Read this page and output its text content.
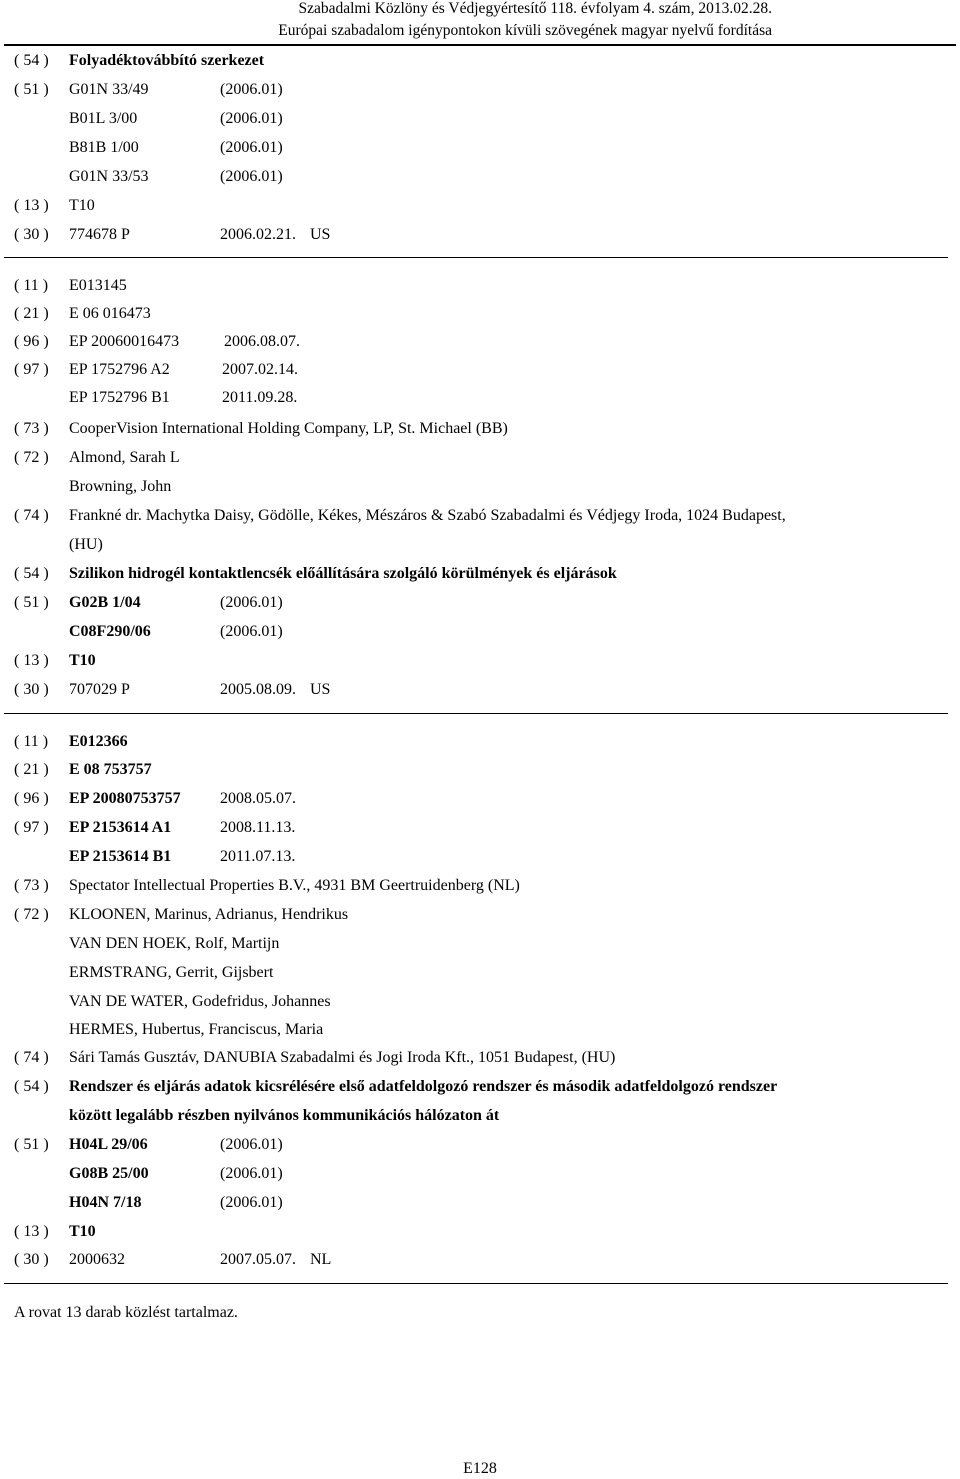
Szabadalmi Közlöny és Védjegyértesítő 118. évfolyam 4. szám, 2013.02.28.
Európai szabadalom igénypontokon kívüli szövegének magyar nyelvű fordítása
( 54 )	Folyadéktovábbító szerkezet
( 51 )	G01N 33/49	(2006.01)
B01L 3/00	(2006.01)
B81B 1/00	(2006.01)
G01N 33/53	(2006.01)
( 13 )	T10
( 30 )	774678 P	2006.02.21. US
( 11 )	E013145
( 21 )	E 06 016473
( 96 )	EP 20060016473	2006.08.07.
( 97 )	EP 1752796 A2	2007.02.14.
EP 1752796 B1	2011.09.28.
( 73 )	CooperVision International Holding Company, LP, St. Michael (BB)
( 72 )	Almond, Sarah L
Browning, John
( 74 )	Frankné dr. Machytka Daisy, Gödölle, Kékes, Mészáros & Szabó Szabadalmi és Védjegy Iroda, 1024 Budapest,
(HU)
( 54 )	Szilikon hidrogél kontaktlencsék előállítására szolgáló körülmények és eljárások
( 51 )	G02B 1/04	(2006.01)
C08F290/06	(2006.01)
( 13 )	T10
( 30 )	707029 P	2005.08.09. US
( 11 )	E012366
( 21 )	E 08 753757
( 96 )	EP 20080753757 2008.05.07.
( 97 )	EP 2153614 A1	2008.11.13.
EP 2153614 B1	2011.07.13.
( 73 )	Spectator Intellectual Properties B.V., 4931 BM Geertruidenberg (NL)
( 72 )	KLOONEN, Marinus, Adrianus, Hendrikus
VAN DEN HOEK, Rolf, Martijn
ERMSTRANG, Gerrit, Gijsbert
VAN DE WATER, Godefridus, Johannes
HERMES, Hubertus, Franciscus, Maria
( 74 )	Sári Tamás Gusztáv, DANUBIA Szabadalmi és Jogi Iroda Kft., 1051 Budapest, (HU)
( 54 )	Rendszer és eljárás adatok kicsrélésére első adatfeldolgozó rendszer és második adatfeldolgozó rendszer
között legalább részben nyilvános kommunikációs hálózaton át
( 51 )	H04L 29/06	(2006.01)
G08B 25/00	(2006.01)
H04N 7/18	(2006.01)
( 13 )	T10
( 30 )	2000632	2007.05.07. NL
A rovat 13 darab közlést tartalmaz.
E128
